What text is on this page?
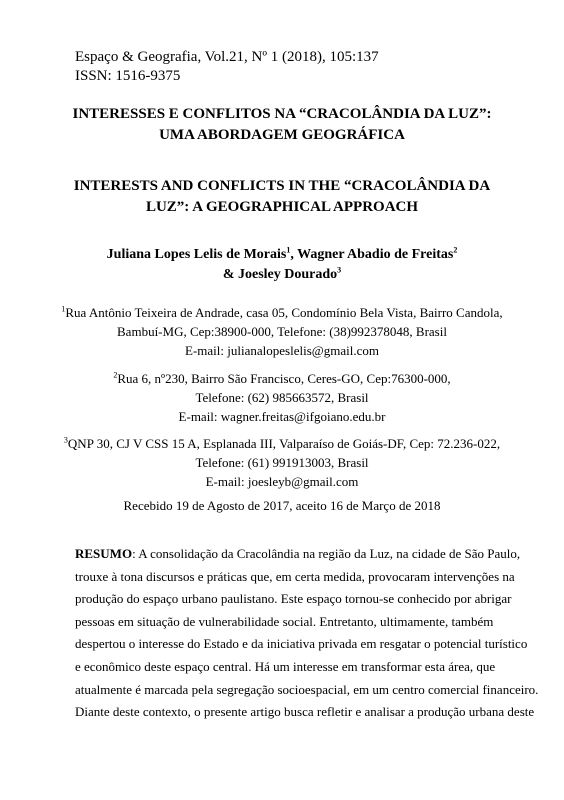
Espaço & Geografia, Vol.21, Nº 1 (2018), 105:137
ISSN: 1516-9375
INTERESSES E CONFLITOS NA “CRACOLÂNDIA DA LUZ”:
UMA ABORDAGEM GEOGRÁFICA
INTERESTS AND CONFLICTS IN THE “CRACOLÂNDIA DA
LUZ”: A GEOGRAPHICAL APPROACH
Juliana Lopes Lelis de Morais$^1$, Wagner Abadio de Freitas$^2$
& Joesley Dourado$^3$
$^1$Rua Antônio Teixeira de Andrade, casa 05, Condomínio Bela Vista, Bairro Candola,
Bambuí-MG, Cep:38900-000, Telefone: (38)992378048, Brasil
E-mail: julianalopeslelis@gmail.com
$^2$Rua 6, nº230, Bairro São Francisco, Ceres-GO, Cep:76300-000,
Telefone: (62) 985663572, Brasil
E-mail: wagner.freitas@ifgoiano.edu.br
$^3$QNP 30, CJ V CSS 15 A, Esplanada III, Valparaíso de Goiás-DF, Cep: 72.236-022,
Telefone: (61) 991913003, Brasil
E-mail: joesleyb@gmail.com
Recebido 19 de Agosto de 2017, aceito 16 de Março de 2018
RESUMO: A consolidação da Cracolândia na região da Luz, na cidade de São Paulo,
trouxe à tona discursos e práticas que, em certa medida, provocaram intervenções na
produção do espaço urbano paulistano. Este espaço tornou-se conhecido por abrigar
pessoas em situação de vulnerabilidade social. Entretanto, ultimamente, também
despertou o interesse do Estado e da iniciativa privada em resgatar o potencial turístico
e econômico deste espaço central. Há um interesse em transformar esta área, que
atualmente é marcada pela segregação socioespacial, em um centro comercial financeiro.
Diante deste contexto, o presente artigo busca refletir e analisar a produção urbana deste
